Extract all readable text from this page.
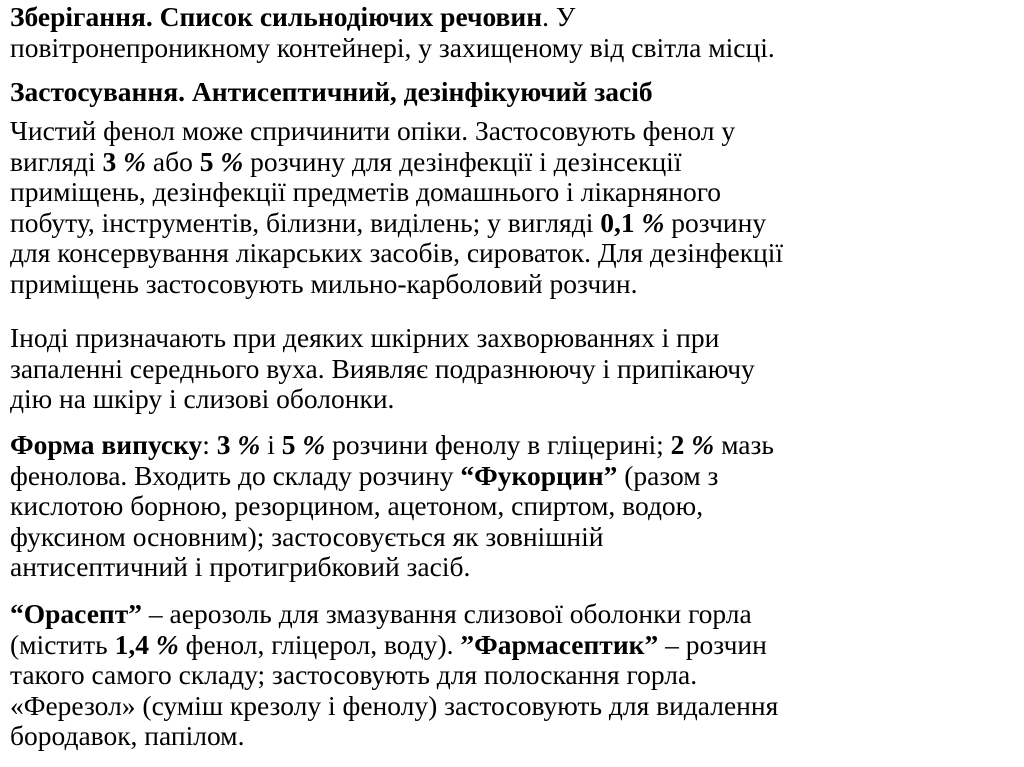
Зберігання. Список сильнодіючих речовин. У
повітронепроникному контейнері, у захищеному від світла місці.
Застосування. Антисептичний, дезінфікуючий засіб
Чистий фенол може спричинити опіки. Застосовують фенол у
вигляді 3 % або 5 % розчину для дезінфекції і дезінсекції
приміщень, дезінфекції предметів домашнього і лікарняного
побуту, інструментів, білизни, виділень; у вигляді 0,1 % розчину
для консервування лікарських засобів, сироваток. Для дезінфекції
приміщень застосовують мильно-карболовий розчин.
Іноді призначають при деяких шкірних захворюваннях і при
запаленні середнього вуха. Виявляє подразнюючу і припікаючу
дію на шкіру і слизові оболонки.
Форма випуску: 3 % і 5 % розчини фенолу в гліцерині; 2 % мазь
фенолова. Входить до складу розчину “Фукорцин” (разом з
кислотою борною, резорцином, ацетоном, спиртом, водою,
фуксином основним); застосовується як зовнішній
антисептичний і протигрибковий засіб.
“Орасепт” – аерозоль для змазування слизової оболонки горла
(містить 1,4 % фенол, гліцерол, воду). ”Фармасептик” – розчин
такого самого складу; застосовують для полоскання горла.
«Ферезол» (суміш крезолу і фенолу) застосовують для видалення
бородавок, папілом.
